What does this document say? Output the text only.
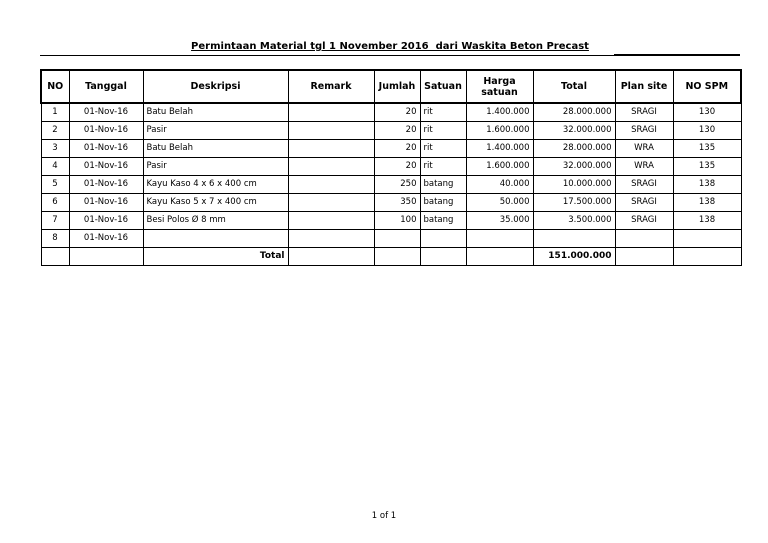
Permintaan Material tgl 1 November 2016  dari Waskita Beton Precast
NO	Tanggal	Deskripsi	Remark	Jumlah	Satuan	Harga satuan	Total	Plan site	NO SPM
1	01-Nov-16	Batu Belah		20	rit	1.400.000	28.000.000	SRAGI	130
2	01-Nov-16	Pasir		20	rit	1.600.000	32.000.000	SRAGI	130
3	01-Nov-16	Batu Belah		20	rit	1.400.000	28.000.000	WRA	135
4	01-Nov-16	Pasir		20	rit	1.600.000	32.000.000	WRA	135
5	01-Nov-16	Kayu Kaso 4 x 6 x 400 cm		250	batang	40.000	10.000.000	SRAGI	138
6	01-Nov-16	Kayu Kaso 5 x 7 x 400 cm		350	batang	50.000	17.500.000	SRAGI	138
7	01-Nov-16	Besi Polos Ø 8 mm		100	batang	35.000	3.500.000	SRAGI	138
8	01-Nov-16								
		Total					151.000.000		
1 of 1
